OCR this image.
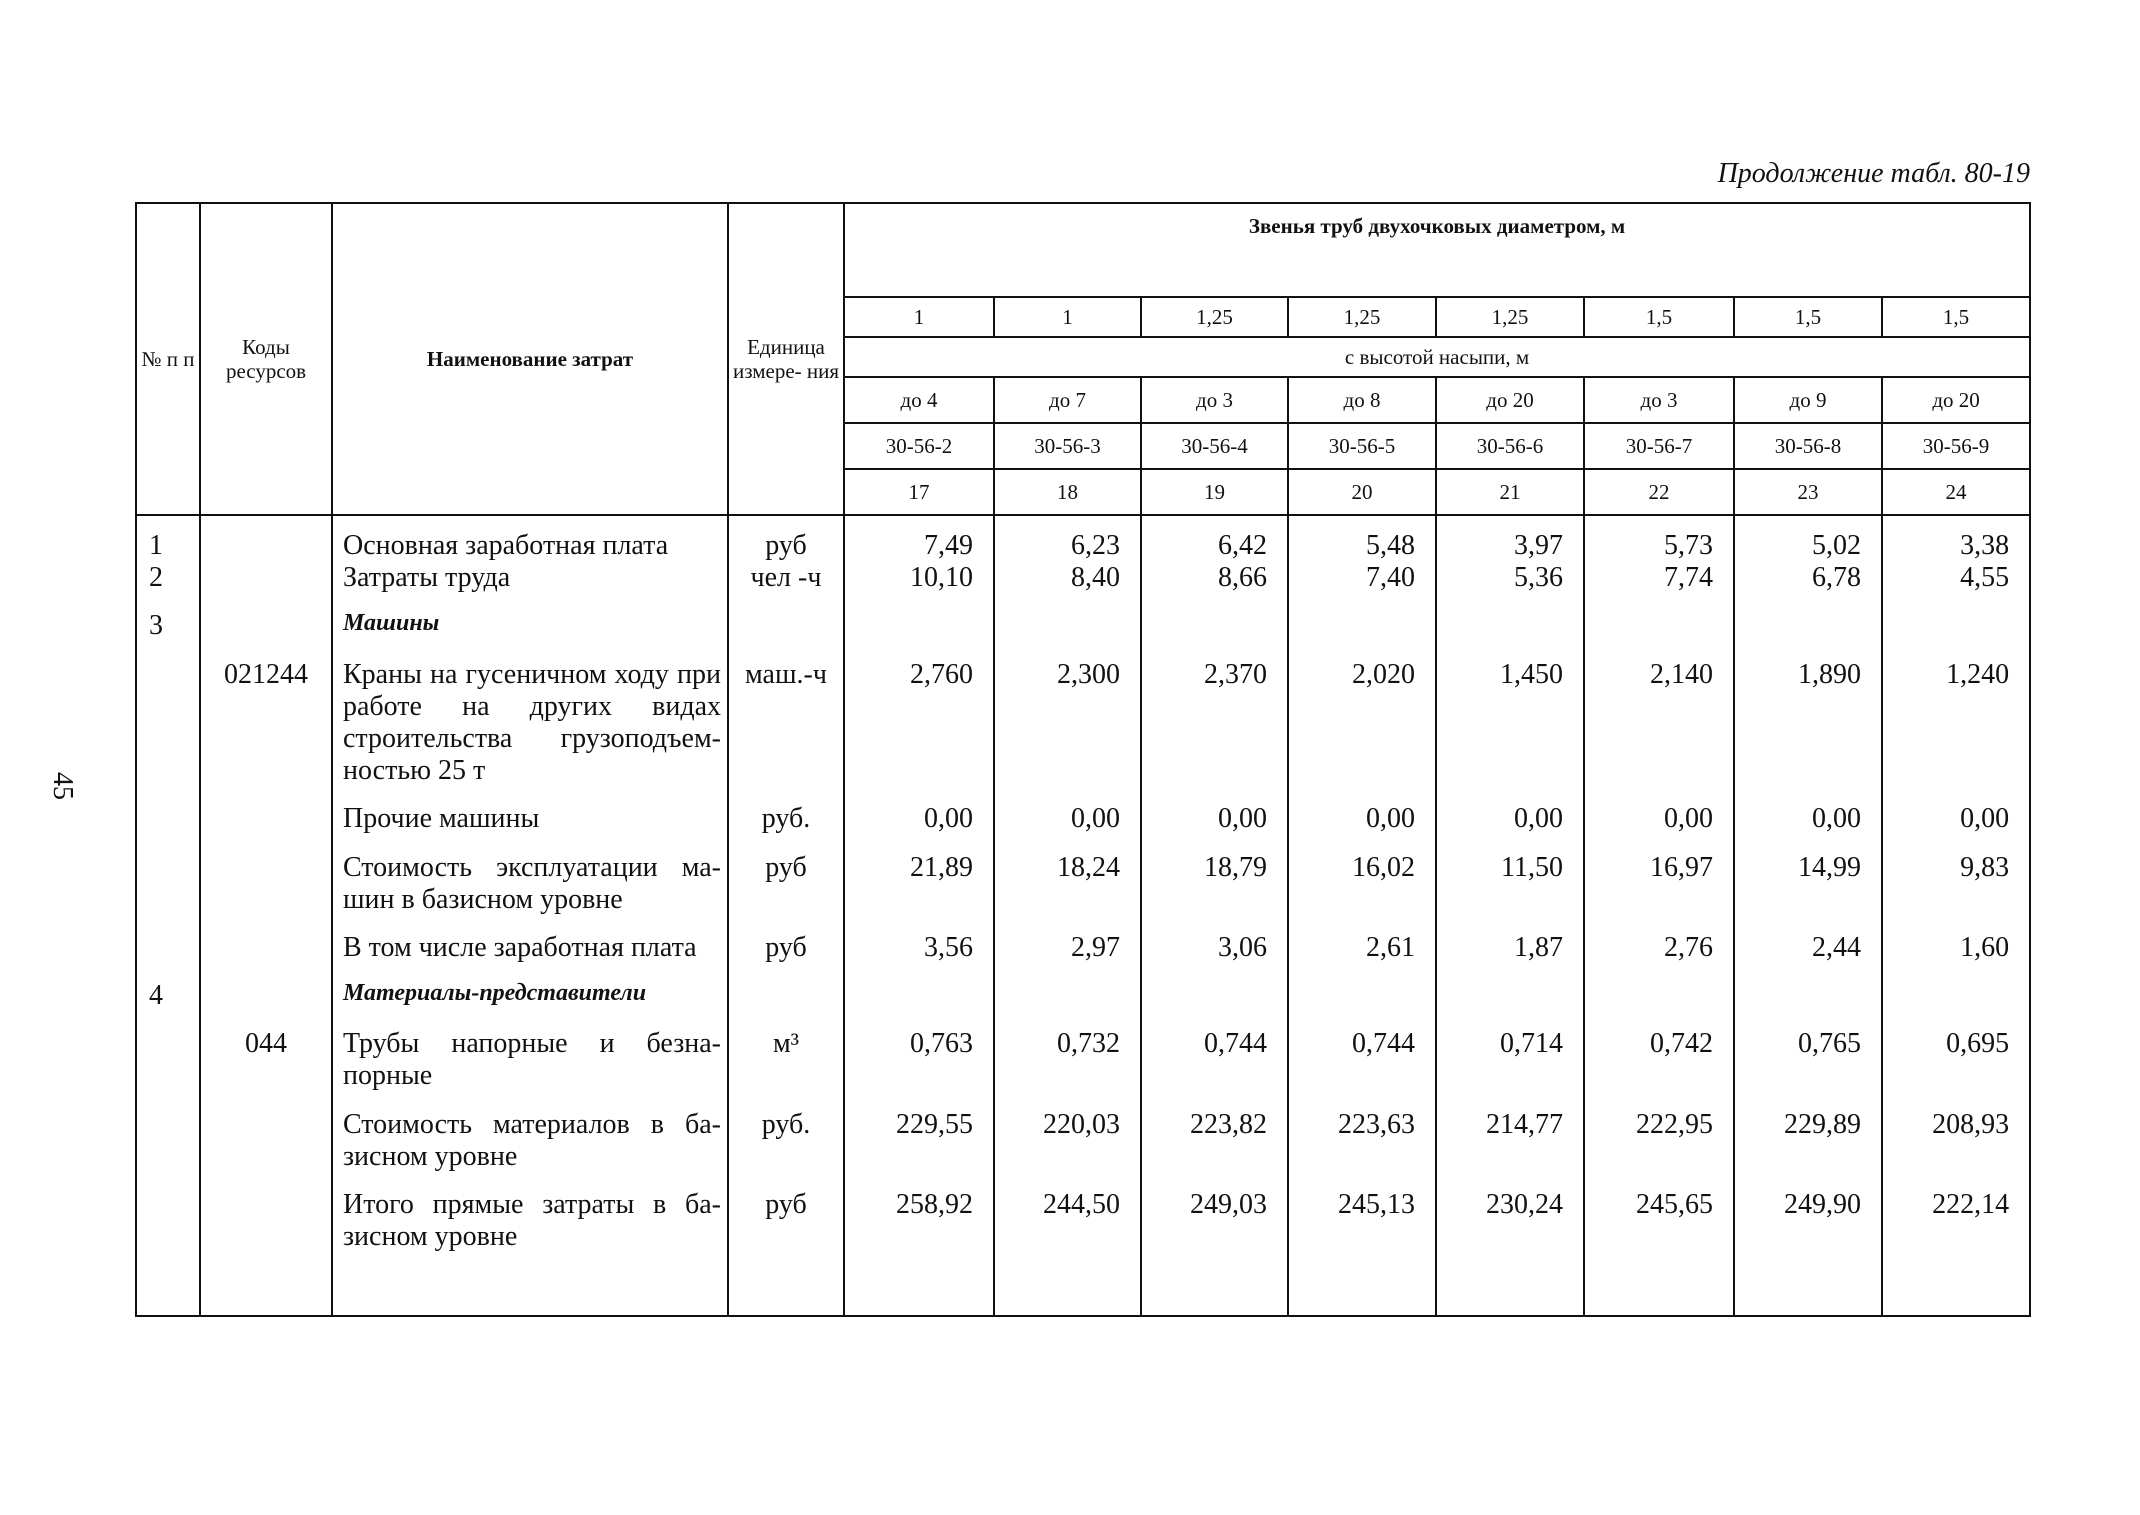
Продолжение табл. 80-19
45
№ п п	Коды ресурсов	Наименование затрат	Единица измере- ния	Звенья труб двухочковых диаметром, м							
				1	1	1,25	1,25	1,25	1,5	1,5	1,5
				с высотой насыпи, м							
				до 4	до 7	до 3	до 8	до 20	до 3	до 9	до 20
				30-56-2	30-56-3	30-56-4	30-56-5	30-56-6	30-56-7	30-56-8	30-56-9
				17	18	19	20	21	22	23	24
1		Основная заработная плата	руб	7,49	6,23	6,42	5,48	3,97	5,73	5,02	3,38
2		Затраты труда	чел -ч	10,10	8,40	8,66	7,40	5,36	7,74	6,78	4,55

3		Машины									

	021244	Краны на гусеничном ходу при работе на других видах строительства грузоподъем- ностью 25 т	маш.-ч	2,760	2,300	2,370	2,020	1,450	2,140	1,890	1,240

		Прочие машины	руб.	0,00	0,00	0,00	0,00	0,00	0,00	0,00	0,00

		Стоимость эксплуатации ма- шин в базисном уровне	руб	21,89	18,24	18,79	16,02	11,50	16,97	14,99	9,83

		В том числе заработная плата	руб	3,56	2,97	3,06	2,61	1,87	2,76	2,44	1,60

4		Материалы-представители									

	044	Трубы напорные и безна- порные	м³	0,763	0,732	0,744	0,744	0,714	0,742	0,765	0,695

		Стоимость материалов в ба- зисном уровне	руб.	229,55	220,03	223,82	223,63	214,77	222,95	229,89	208,93

		Итого прямые затраты в ба- зисном уровне	руб	258,92	244,50	249,03	245,13	230,24	245,65	249,90	222,14
